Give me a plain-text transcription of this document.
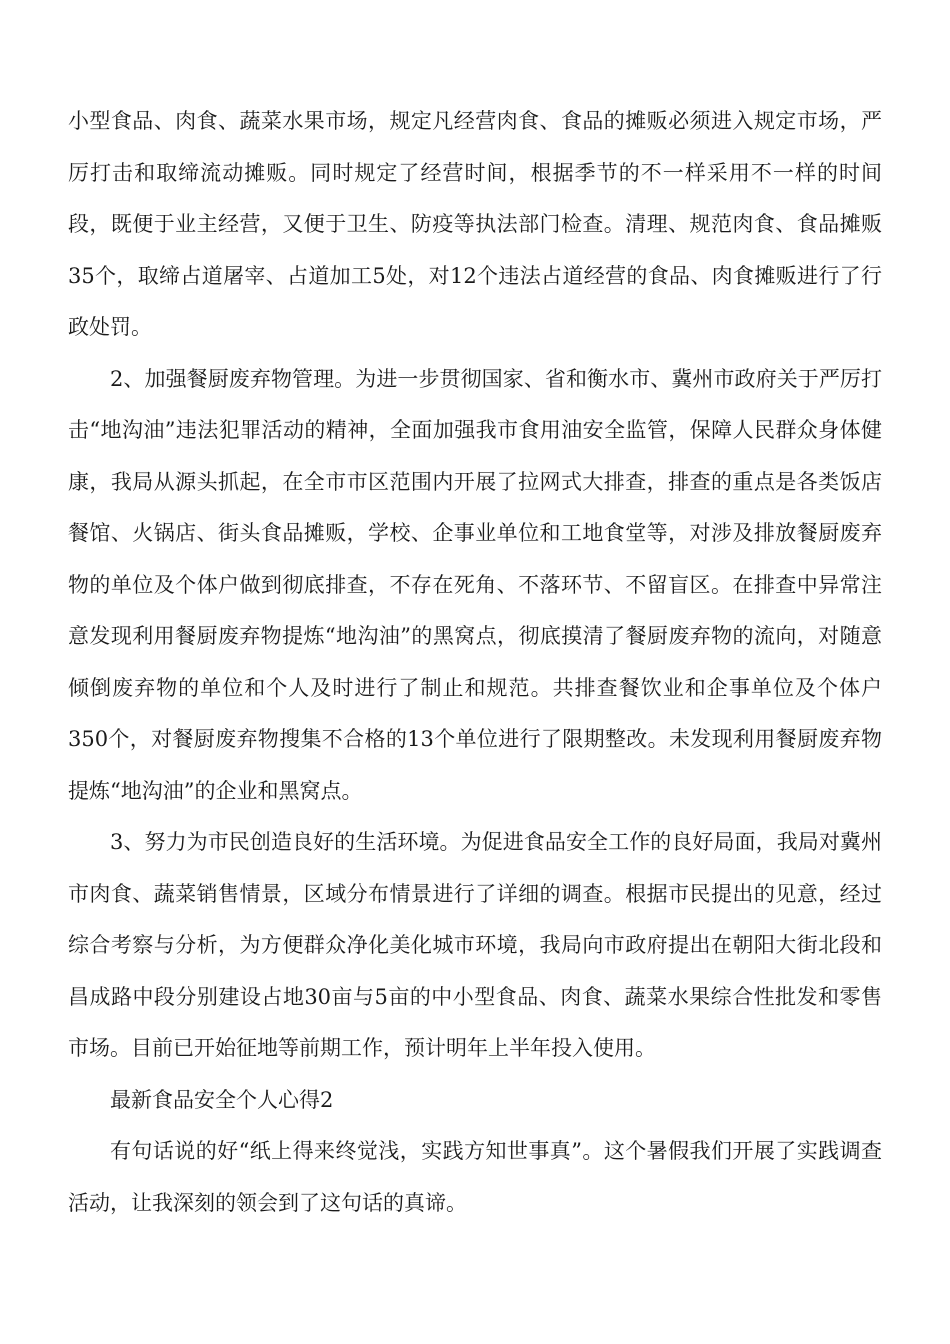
小型食品、肉食、蔬菜水果市场，规定凡经营肉食、食品的摊贩必须进入规定市场，严厉打击和取缔流动摊贩。同时规定了经营时间，根据季节的不一样采用不一样的时间段，既便于业主经营，又便于卫生、防疫等执法部门检查。清理、规范肉食、食品摊贩35个，取缔占道屠宰、占道加工5处，对12个违法占道经营的食品、肉食摊贩进行了行政处罚。

2、加强餐厨废弃物管理。为进一步贯彻国家、省和衡水市、冀州市政府关于严厉打击“地沟油”违法犯罪活动的精神，全面加强我市食用油安全监管，保障人民群众身体健康，我局从源头抓起，在全市市区范围内开展了拉网式大排查，排查的重点是各类饭店餐馆、火锅店、街头食品摊贩，学校、企事业单位和工地食堂等，对涉及排放餐厨废弃物的单位及个体户做到彻底排查，不存在死角、不落环节、不留盲区。在排查中异常注意发现利用餐厨废弃物提炼“地沟油”的黑窝点，彻底摸清了餐厨废弃物的流向，对随意倾倒废弃物的单位和个人及时进行了制止和规范。共排查餐饮业和企事单位及个体户350个，对餐厨废弃物搜集不合格的13个单位进行了限期整改。未发现利用餐厨废弃物提炼“地沟油”的企业和黑窝点。

3、努力为市民创造良好的生活环境。为促进食品安全工作的良好局面，我局对冀州市肉食、蔬菜销售情景，区域分布情景进行了详细的调查。根据市民提出的见意，经过综合考察与分析，为方便群众净化美化城市环境，我局向市政府提出在朝阳大街北段和昌成路中段分别建设占地30亩与5亩的中小型食品、肉食、蔬菜水果综合性批发和零售市场。目前已开始征地等前期工作，预计明年上半年投入使用。

最新食品安全个人心得2

有句话说的好“纸上得来终觉浅，实践方知世事真”。这个暑假我们开展了实践调查活动，让我深刻的领会到了这句话的真谛。
